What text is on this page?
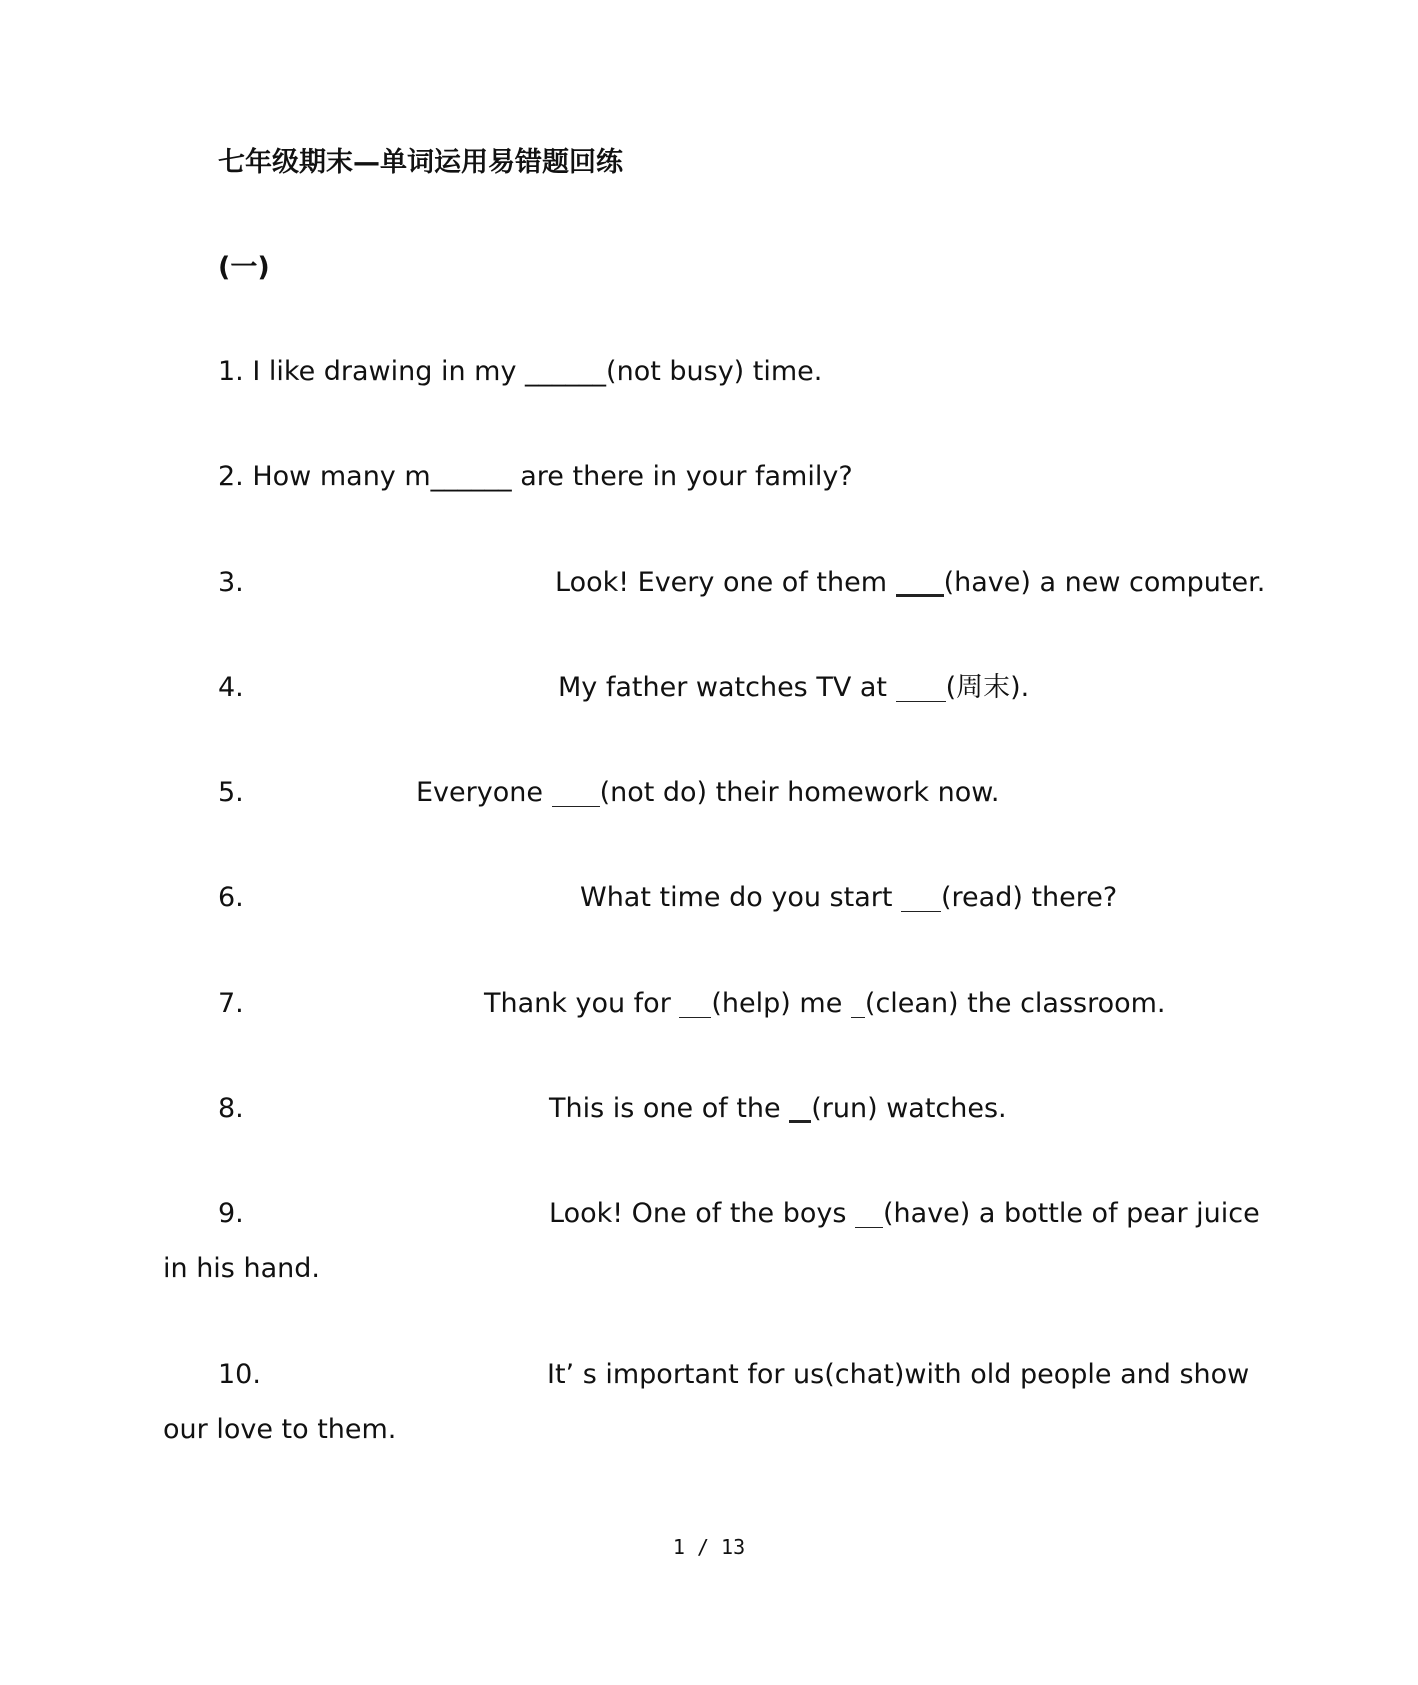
七年级期末—单词运用易错题回练
(一)
1. I like drawing in my ______(not busy) time.
2. How many m______ are there in your family?
3.	Look! Every one of them (have) a new computer.
4.	My father watches TV at (周末).
5.	Everyone (not do) their homework now.
6.	What time do you start (read) there?
7.	Thank you for (help) me (clean) the classroom.
8.	This is one of the (run) watches.
9.	Look! One of the boys (have) a bottle of pear juice
in his hand.
10.	It’ s important for us(chat)with old people and show
our love to them.
1 / 13
